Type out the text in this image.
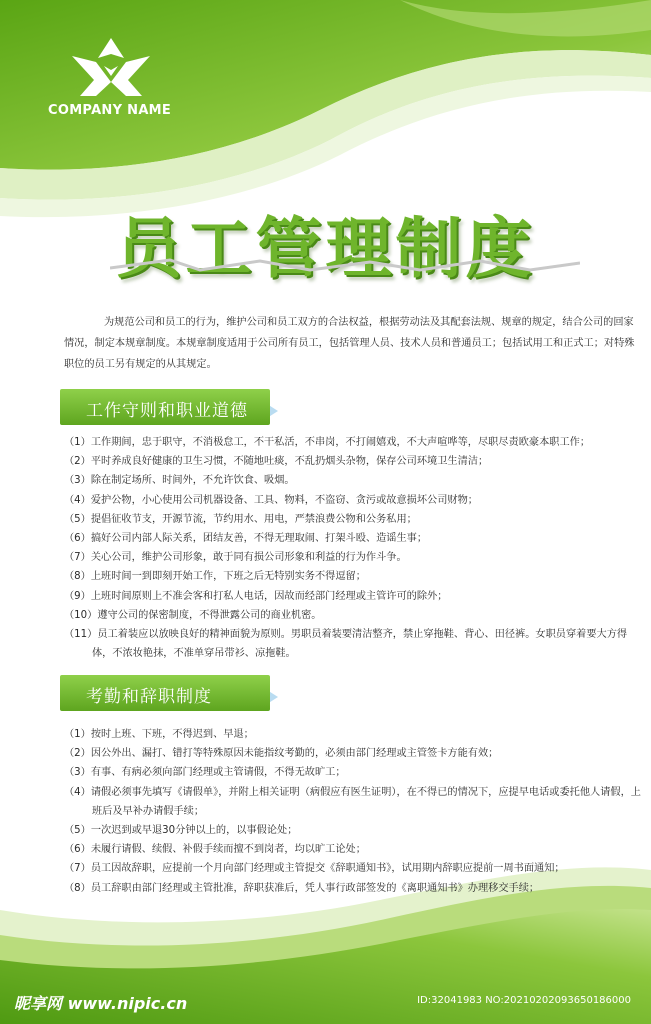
COMPANY NAME
员工管理制度
为规范公司和员工的行为，维护公司和员工双方的合法权益，根据劳动法及其配套法规、规章的规定，结合公司的回家情况，制定本规章制度。本规章制度适用于公司所有员工，包括管理人员、技术人员和普通员工；包括试用工和正式工；对特殊职位的员工另有规定的从其规定。
工作守则和职业道德
（1）工作期间，忠于职守，不消极怠工，不干私活，不串岗，不打闹嬉戏，不大声喧哗等，尽职尽责欧豪本职工作；
（2）平时养成良好健康的卫生习惯，不随地吐痰，不乱扔烟头杂物，保存公司环境卫生清洁；
（3）除在制定场所、时间外，不允许饮食、吸烟。
（4）爱护公物，小心使用公司机器设备、工具、物料，不盗窃、贪污或故意损坏公司财物；
（5）提倡征收节支，开源节流，节约用水、用电，严禁浪费公物和公务私用；
（6）搞好公司内部人际关系，团结友善，不得无理取闹、打架斗殴、造谣生事；
（7）关心公司，维护公司形象，敢于同有损公司形象和利益的行为作斗争。
（8）上班时间一到即刻开始工作，下班之后无特别实务不得逗留；
（9）上班时间原则上不准会客和打私人电话，因故而经部门经理或主管许可的除外；
（10）遵守公司的保密制度，不得泄露公司的商业机密。
（11）员工着装应以放映良好的精神面貌为原则。男职员着装要清洁整齐，禁止穿拖鞋、背心、田径裤。女职员穿着要大方得体，不浓妆艳抹，不准单穿吊带衫、凉拖鞋。
考勤和辞职制度
（1）按时上班、下班，不得迟到、早退；
（2）因公外出、漏打、错打等特殊原因未能指纹考勤的，必须由部门经理或主管签卡方能有效；
（3）有事、有病必须向部门经理或主管请假，不得无故旷工；
（4）请假必须事先填写《请假单》，并附上相关证明（病假应有医生证明），在不得已的情况下，应提早电话或委托他人请假，上班后及早补办请假手续；
（5）一次迟到或早退30分钟以上的，以事假论处；
（6）未履行请假、续假、补假手续而擅不到岗者，均以旷工论处；
（7）员工因故辞职，应提前一个月向部门经理或主管提交《辞职通知书》，试用期内辞职应提前一周书面通知；
（8）员工辞职由部门经理或主管批准，辞职获准后，凭人事行政部签发的《离职通知书》办理移交手续；
昵享网 www.nipic.cn	ID:32041983 NO:20210202093650186000
